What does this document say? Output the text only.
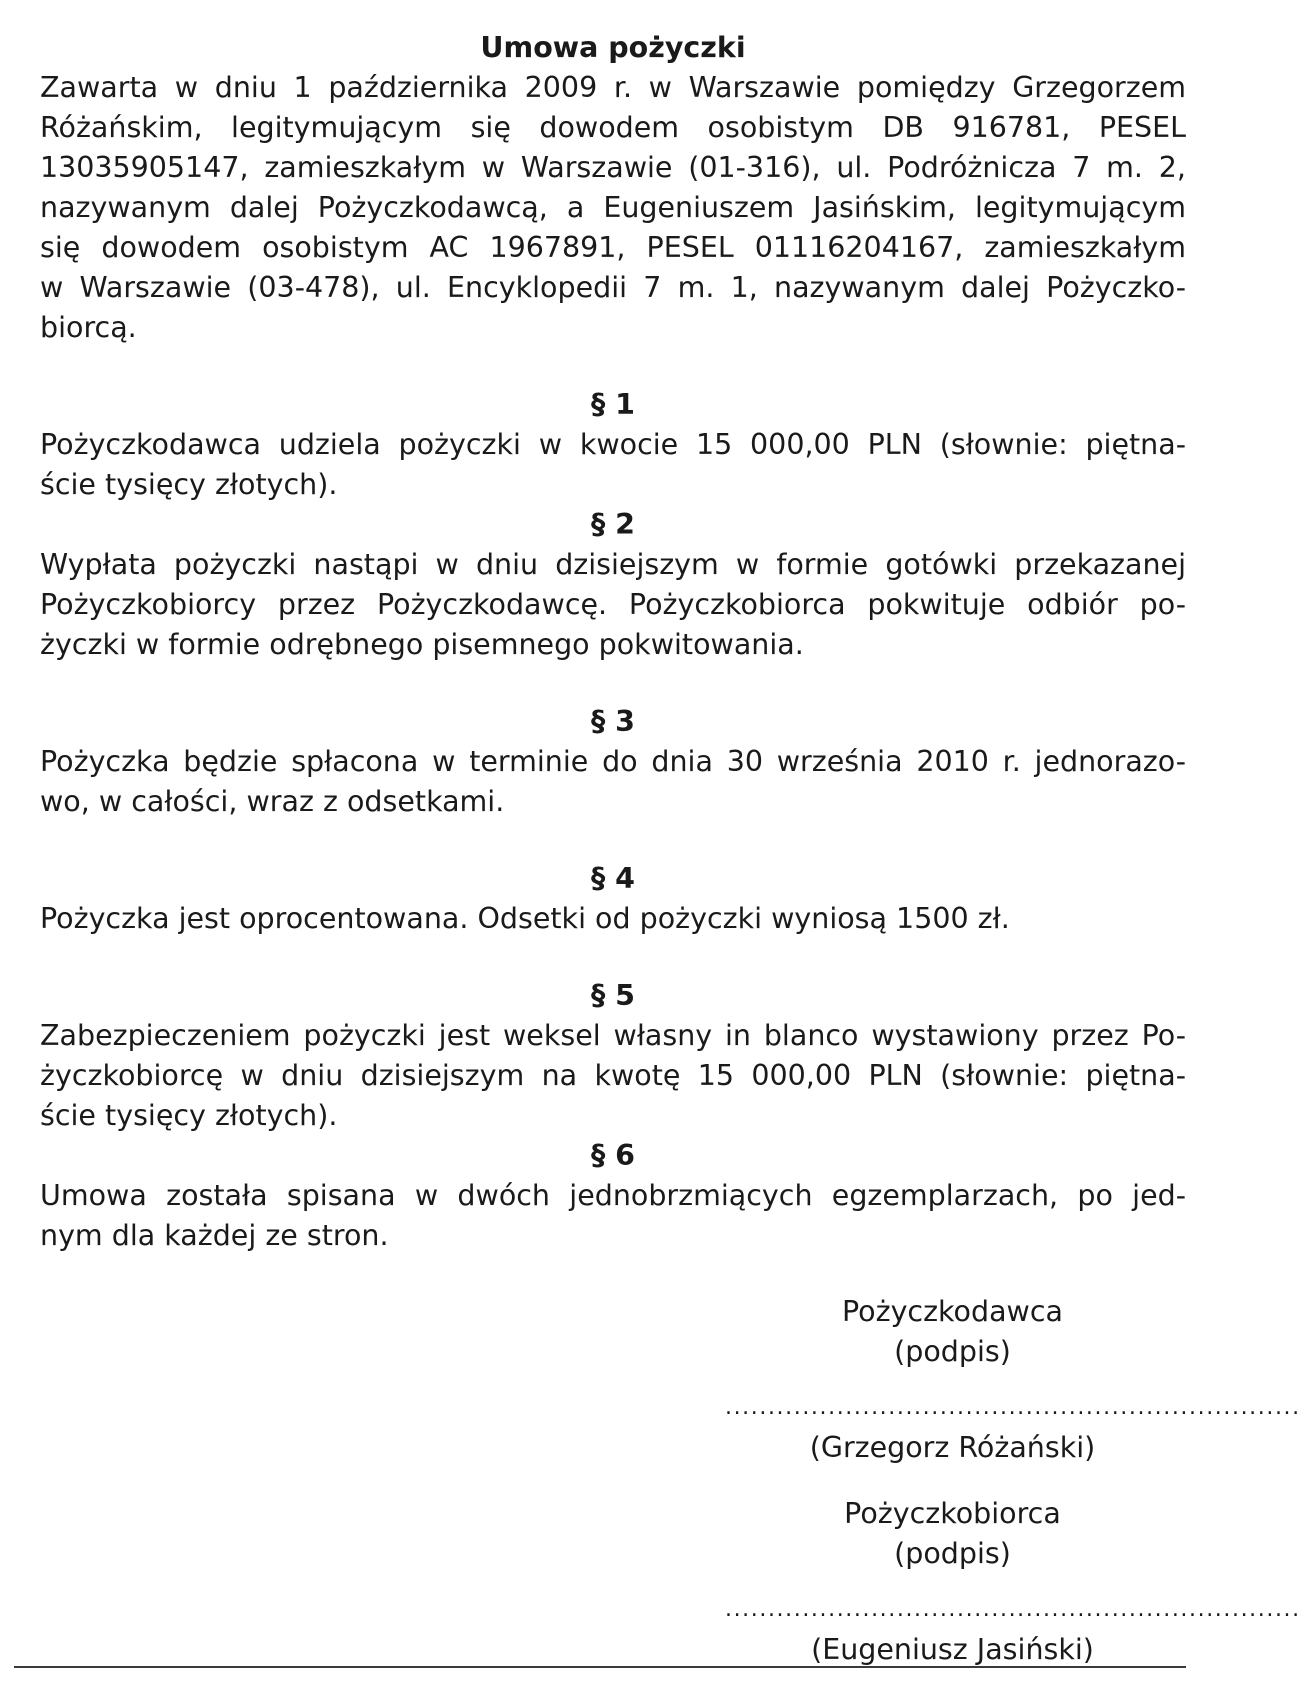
Umowa pożyczki
Zawarta w dniu 1 października 2009 r. w Warszawie pomiędzy Grzegorzem
Różańskim, legitymującym się dowodem osobistym DB 916781, PESEL
13035905147, zamieszkałym w Warszawie (01-316), ul. Podróżnicza 7 m. 2,
nazywanym dalej Pożyczkodawcą, a Eugeniuszem Jasińskim, legitymującym
się dowodem osobistym AC 1967891, PESEL 01116204167, zamieszkałym
w Warszawie (03-478), ul. Encyklopedii 7 m. 1, nazywanym dalej Pożyczko-
biorcą.
§ 1
Pożyczkodawca udziela pożyczki w kwocie 15 000,00 PLN (słownie: piętna-
ście tysięcy złotych).
§ 2
Wypłata pożyczki nastąpi w dniu dzisiejszym w formie gotówki przekazanej
Pożyczkobiorcy przez Pożyczkodawcę. Pożyczkobiorca pokwituje odbiór po-
życzki w formie odrębnego pisemnego pokwitowania.
§ 3
Pożyczka będzie spłacona w terminie do dnia 30 września 2010 r. jednorazo-
wo, w całości, wraz z odsetkami.
§ 4
Pożyczka jest oprocentowana. Odsetki od pożyczki wyniosą 1500 zł.
§ 5
Zabezpieczeniem pożyczki jest weksel własny in blanco wystawiony przez Po-
życzkobiorcę w dniu dzisiejszym na kwotę 15 000,00 PLN (słownie: piętna-
ście tysięcy złotych).
§ 6
Umowa została spisana w dwóch jednobrzmiących egzemplarzach, po jed-
nym dla każdej ze stron.
Pożyczkodawca
(podpis)
...................................................................
(Grzegorz Różański)
Pożyczkobiorca
(podpis)
...................................................................
(Eugeniusz Jasiński)
